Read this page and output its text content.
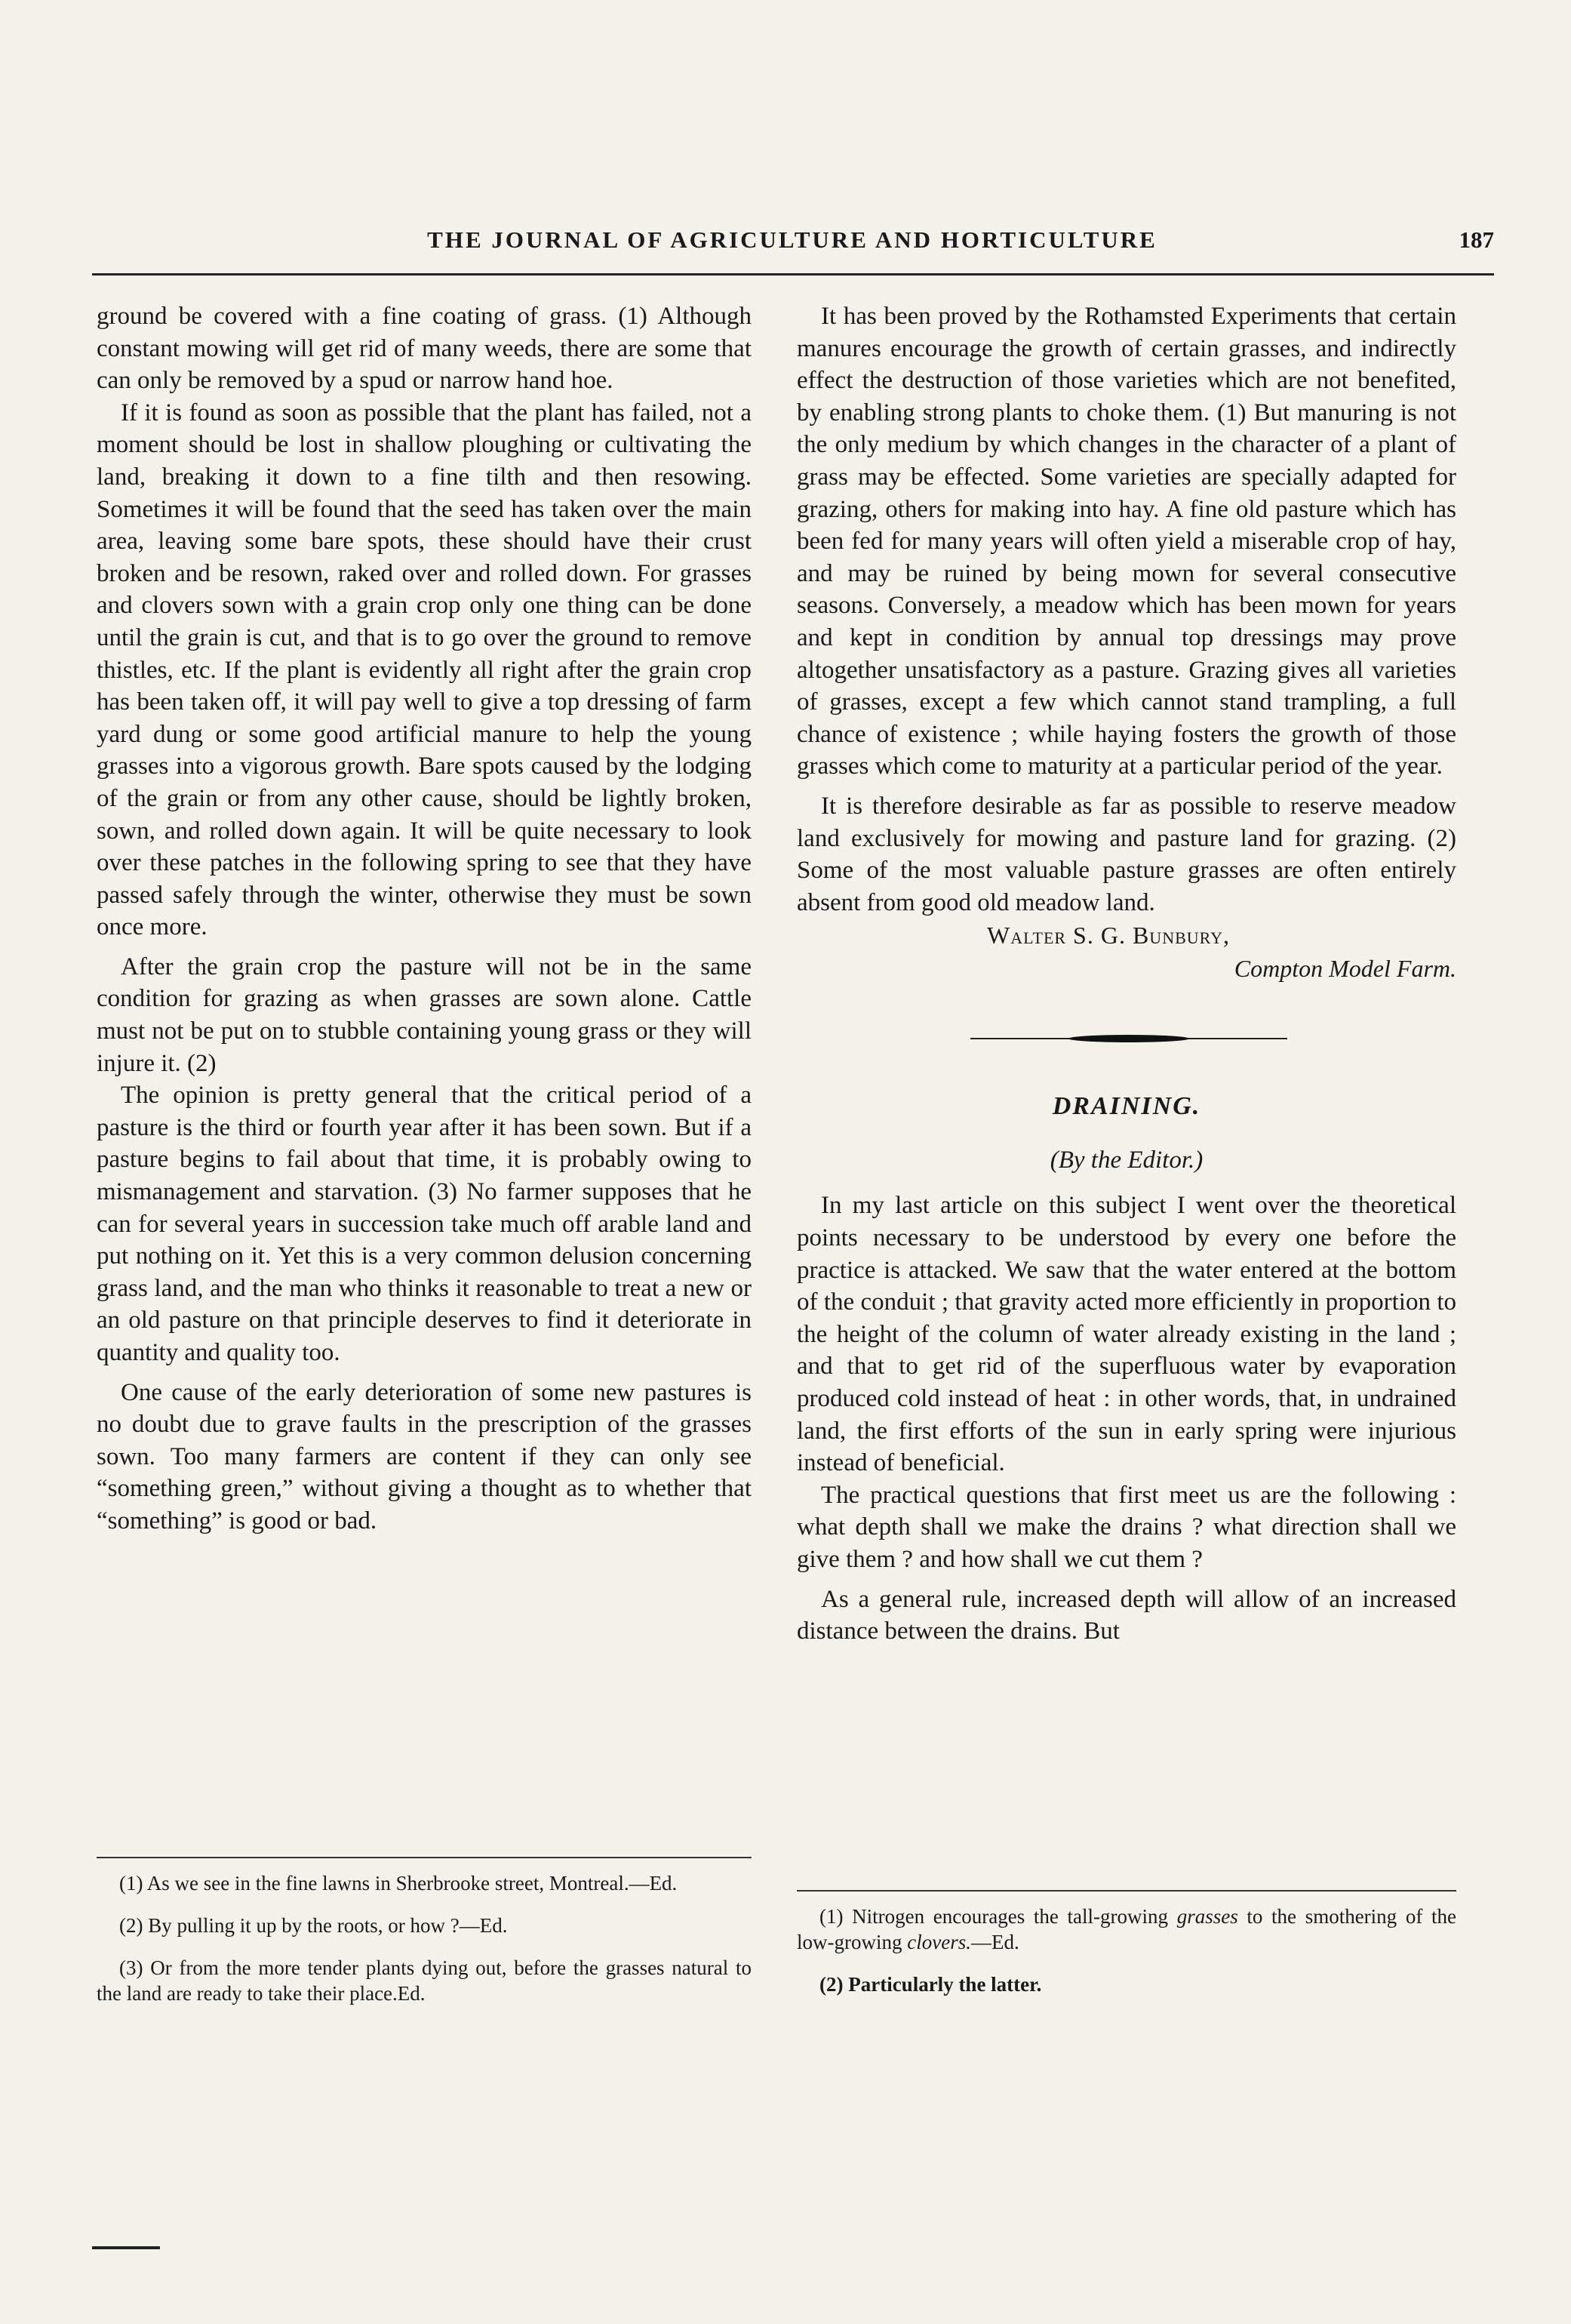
THE JOURNAL OF AGRICULTURE AND HORTICULTURE	187

ground be covered with a fine coating of grass. (1) Although constant mowing will get rid of many weeds, there are some that can only be removed by a spud or narrow hand hoe.

If it is found as soon as possible that the plant has failed, not a moment should be lost in shallow ploughing or cultivating the land, breaking it down to a fine tilth and then resowing. Sometimes it will be found that the seed has taken over the main area, leaving some bare spots, these should have their crust broken and be resown, raked over and rolled down. For grasses and clovers sown with a grain crop only one thing can be done until the grain is cut, and that is to go over the ground to remove thistles, etc. If the plant is evidently all right after the grain crop has been taken off, it will pay well to give a top dressing of farm yard dung or some good artificial manure to help the young grasses into a vigorous growth. Bare spots caused by the lodging of the grain or from any other cause, should be lightly broken, sown, and rolled down again. It will be quite necessary to look over these patches in the following spring to see that they have passed safely through the winter, otherwise they must be sown once more.

After the grain crop the pasture will not be in the same condition for grazing as when grasses are sown alone. Cattle must not be put on to stubble containing young grass or they will injure it. (2)

The opinion is pretty general that the critical period of a pasture is the third or fourth year after it has been sown. But if a pasture begins to fail about that time, it is probably owing to mismanagement and starvation. (3) No farmer supposes that he can for several years in succession take much off arable land and put nothing on it. Yet this is a very common delusion concerning grass land, and the man who thinks it reasonable to treat a new or an old pasture on that principle deserves to find it deteriorate in quantity and quality too.

One cause of the early deterioration of some new pastures is no doubt due to grave faults in the prescription of the grasses sown. Too many farmers are content if they can only see “something green,” without giving a thought as to whether that “something” is good or bad.

(1) As we see in the fine lawns in Sherbrooke street, Montreal.—Ed.

(2) By pulling it up by the roots, or how ?—Ed.

(3) Or from the more tender plants dying out, before the grasses natural to the land are ready to take their place.Ed.

It has been proved by the Rothamsted Experiments that certain manures encourage the growth of certain grasses, and indirectly effect the destruction of those varieties which are not benefited, by enabling strong plants to choke them. (1) But manuring is not the only medium by which changes in the character of a plant of grass may be effected. Some varieties are specially adapted for grazing, others for making into hay. A fine old pasture which has been fed for many years will often yield a miserable crop of hay, and may be ruined by being mown for several consecutive seasons. Conversely, a meadow which has been mown for years and kept in condition by annual top dressings may prove altogether unsatisfactory as a pasture. Grazing gives all varieties of grasses, except a few which cannot stand trampling, a full chance of existence ; while haying fosters the growth of those grasses which come to maturity at a particular period of the year.

It is therefore desirable as far as possible to reserve meadow land exclusively for mowing and pasture land for grazing. (2) Some of the most valuable pasture grasses are often entirely absent from good old meadow land.

Walter S. G. Bunbury,
Compton Model Farm.
DRAINING.
(By the Editor.)

In my last article on this subject I went over the theoretical points necessary to be understood by every one before the practice is attacked. We saw that the water entered at the bottom of the conduit ; that gravity acted more efficiently in proportion to the height of the column of water already existing in the land ; and that to get rid of the superfluous water by evaporation produced cold instead of heat : in other words, that, in undrained land, the first efforts of the sun in early spring were injurious instead of beneficial.

The practical questions that first meet us are the following : what depth shall we make the drains ? what direction shall we give them ? and how shall we cut them ?

As a general rule, increased depth will allow of an increased distance between the drains. But

(1) Nitrogen encourages the tall-growing grasses to the smothering of the low-growing clovers.—Ed.

(2) Particularly the latter.
